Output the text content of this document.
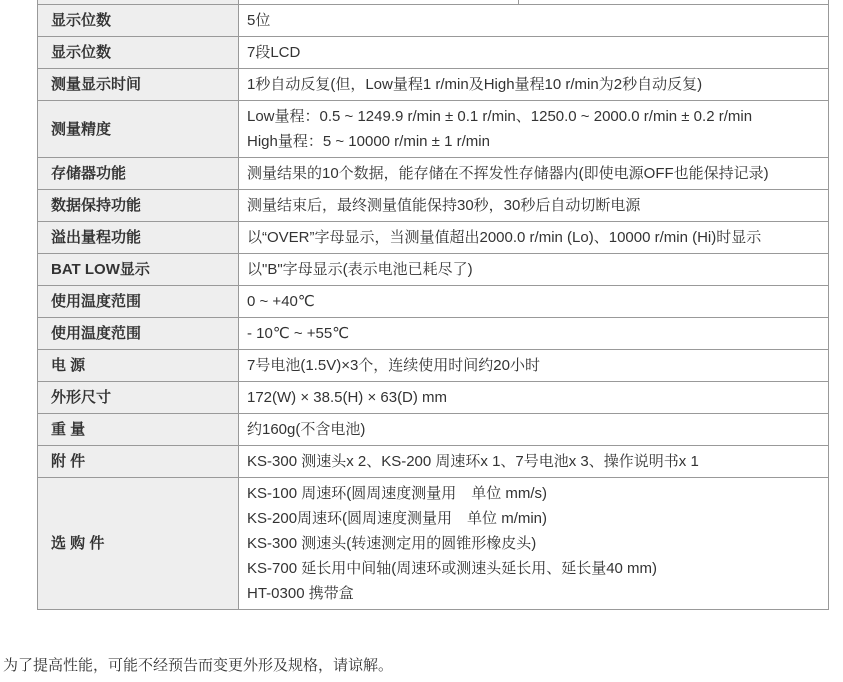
显示位数	5位	

显示位数	7段LCD	

测量显示时间	1秒自动反复(但，Low量程1 r/min及High量程10 r/min为2秒自动反复)	

测量精度	Low量程：0.5 ~ 1249.9 r/min ± 0.1 r/min、1250.0 ~ 2000.0 r/min ± 0.2 r/min
High量程：5 ~ 10000 r/min ± 1 r/min	

存储器功能	测量结果的10个数据，能存储在不挥发性存储器内(即使电源OFF也能保持记录)	

数据保持功能	测量结束后，最终测量值能保持30秒，30秒后自动切断电源	

溢出量程功能	以“OVER”字母显示，当测量值超出2000.0 r/min (Lo)、10000 r/min (Hi)时显示	

BAT LOW显示	以"B"字母显示(表示电池已耗尽了)	

使用温度范围	0 ~ +40℃	

使用温度范围	- 10℃ ~ +55℃	

电 源	7号电池(1.5V)×3个，连续使用时间约20小时	

外形尺寸	172(W) × 38.5(H) × 63(D) mm	

重 量	约160g(不含电池)	

附 件	KS-300 测速头x 2、KS-200 周速环x 1、7号电池x 3、操作说明书x 1	

选 购 件	KS-100 周速环(圆周速度测量用　单位 mm/s)
KS-200周速环(圆周速度测量用　单位 m/min)
KS-300 测速头(转速测定用的圆锥形橡皮头)
KS-700 延长用中间轴(周速环或测速头延长用、延长量40 mm)
HT-0300 携带盒	
为了提高性能，可能不经预告而变更外形及规格，请谅解。
